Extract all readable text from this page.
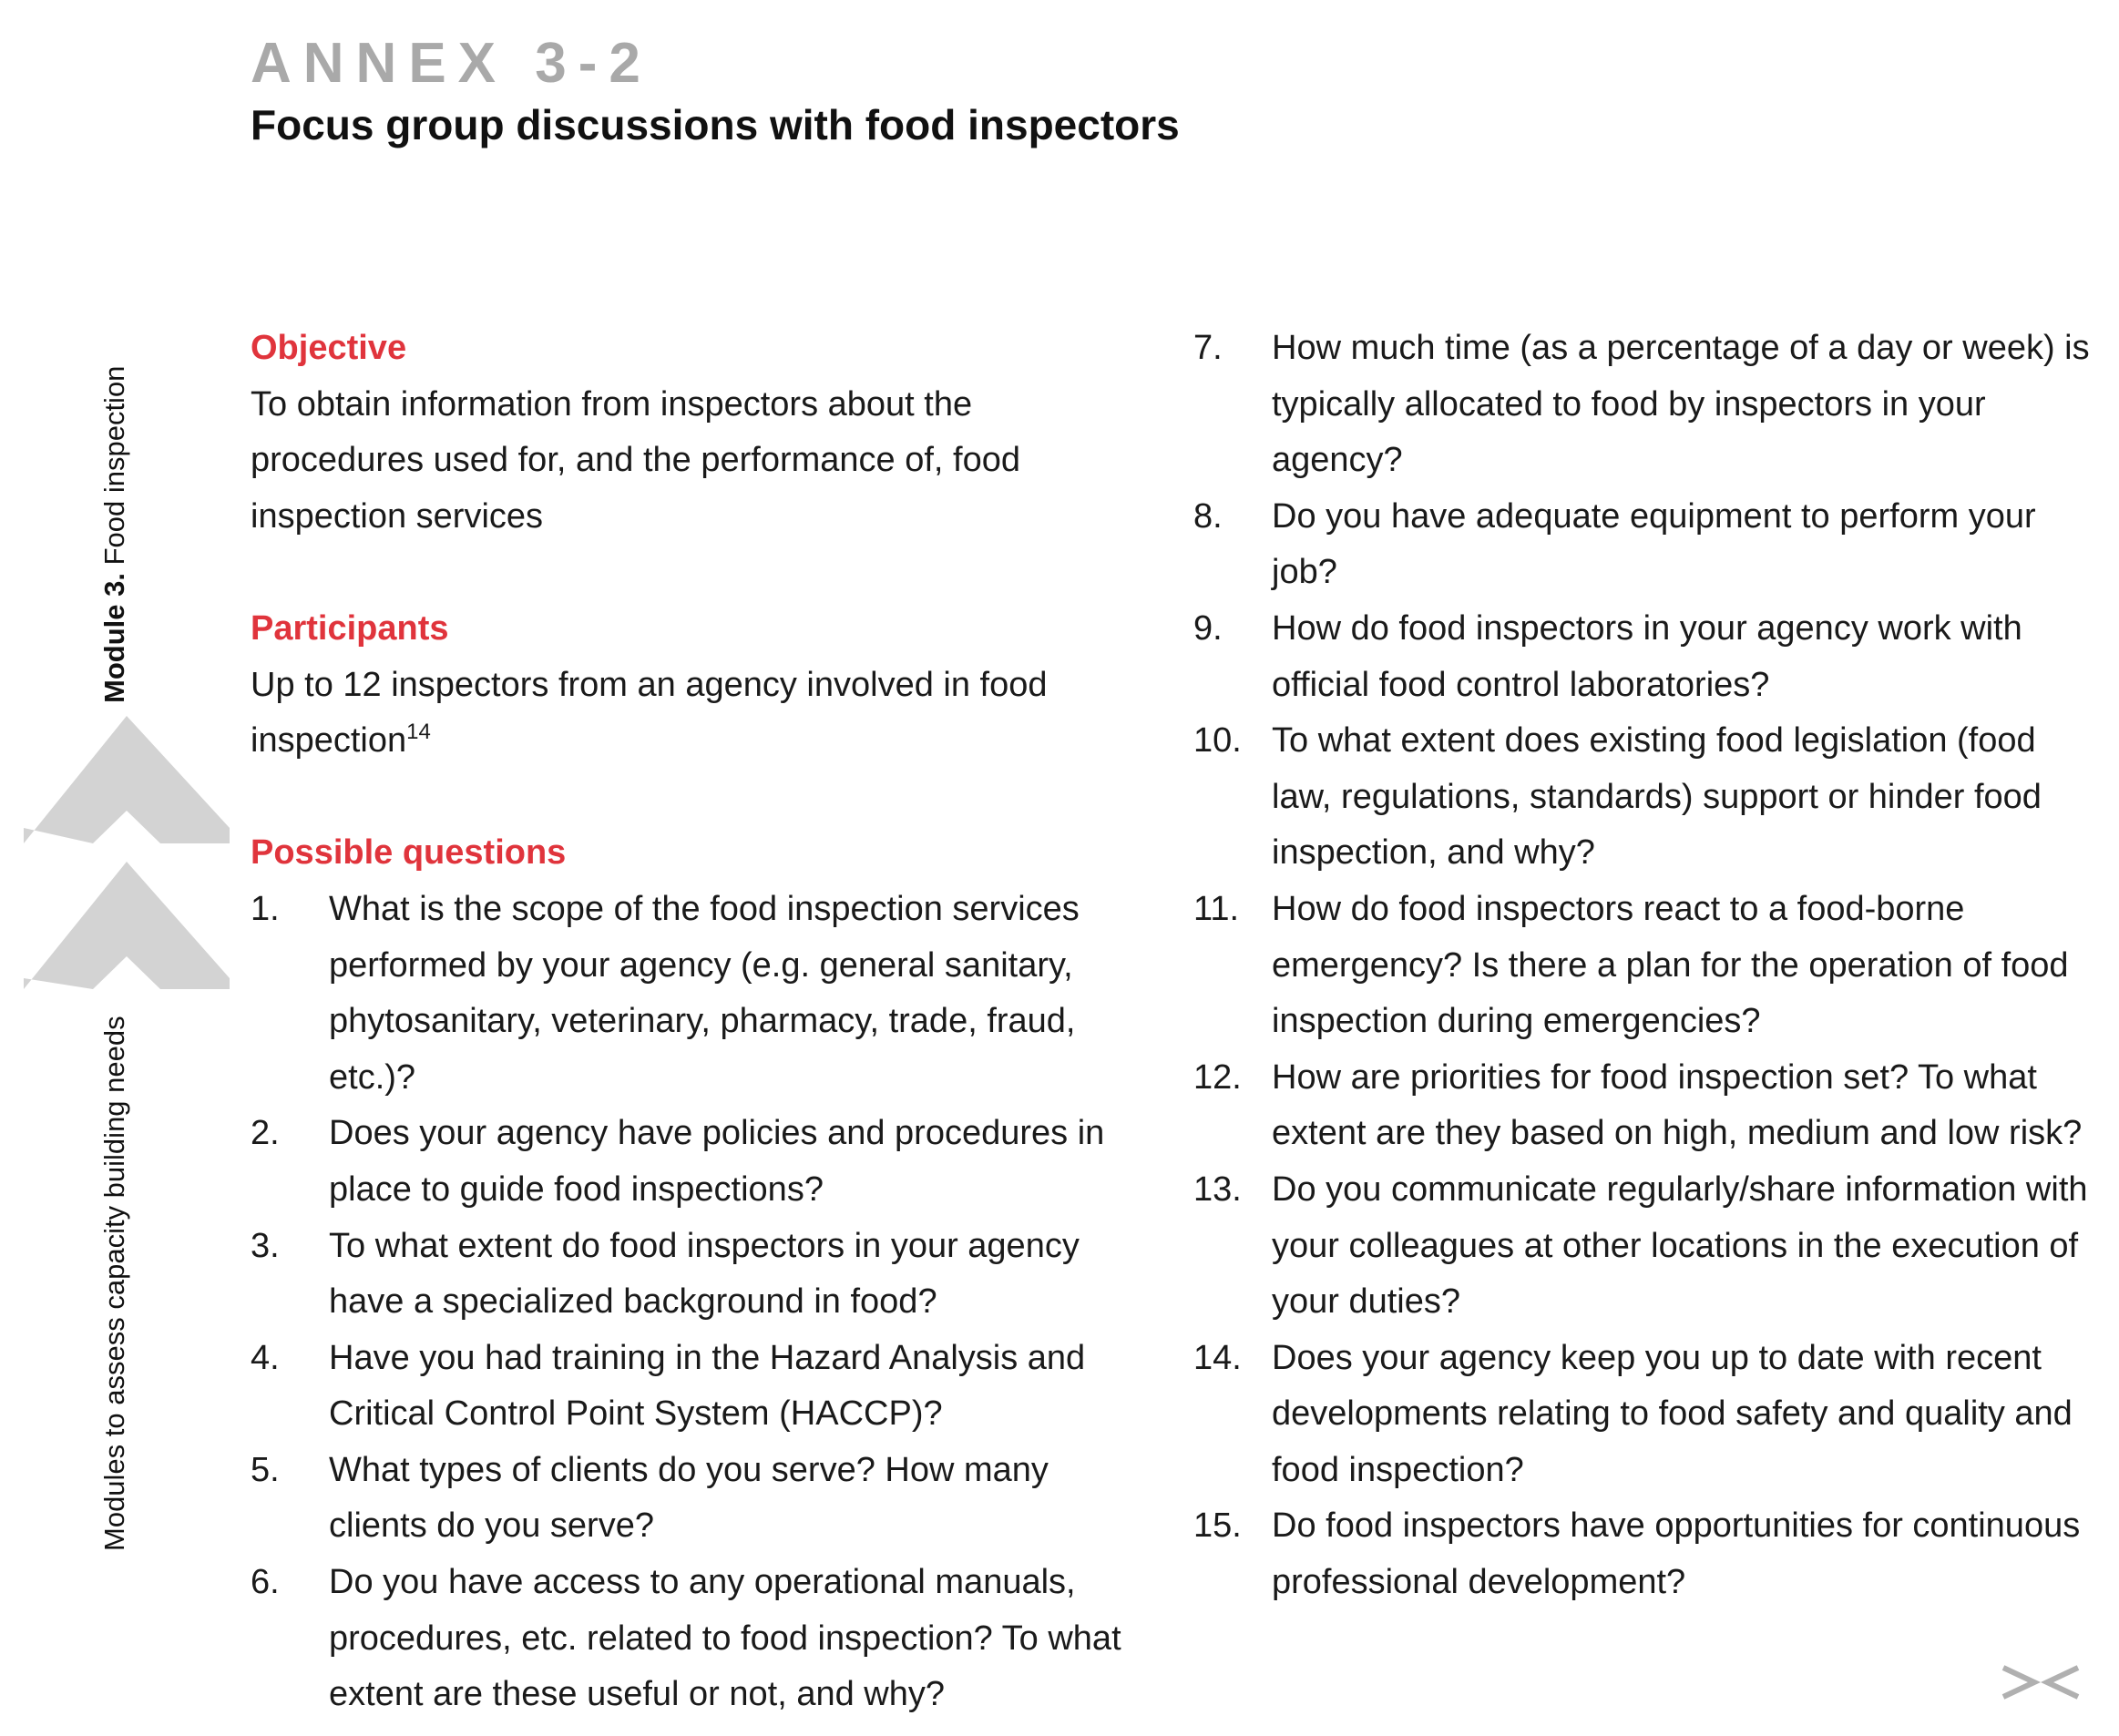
ANNEX 3-2
Focus group discussions with food inspectors
Module 3. Food inspection
Modules to assess capacity building needs

Objective

To obtain information from inspectors about the procedures used for, and the performance of, food inspection services

Participants

Up to 12 inspectors from an agency involved in food inspection$^{14}$

Possible questions

1.	What is the scope of the food inspection services performed by your agency (e.g. general sanitary, phytosanitary, veterinary, pharmacy, trade, fraud, etc.)?
2.	Does your agency have policies and procedures in place to guide food inspections?
3.	To what extent do food inspectors in your agency have a specialized background in food?
4.	Have you had training in the Hazard Analysis and Critical Control Point System (HACCP)?
5.	What types of clients do you serve? How many clients do you serve?
6.	Do you have access to any operational manuals, procedures, etc. related to food inspection? To what extent are these useful or not, and why?
7.	How much time (as a percentage of a day or week) is typically allocated to food by inspectors in your agency?
8.	Do you have adequate equipment to perform your job?
9.	How do food inspectors in your agency work with official food control laboratories?
10. To what extent does existing food legislation (food law, regulations, standards) support or hinder food inspection, and why?
11. How do food inspectors react to a food-borne emergency? Is there a plan for the operation of food inspection during emergencies?
12. How are priorities for food inspection set? To what extent are they based on high, medium and low risk?
13. Do you communicate regularly/share information with your colleagues at other locations in the execution of your duties?
14. Does your agency keep you up to date with recent developments relating to food safety and quality and food inspection?
15. Do food inspectors have opportunities for continuous professional development?
